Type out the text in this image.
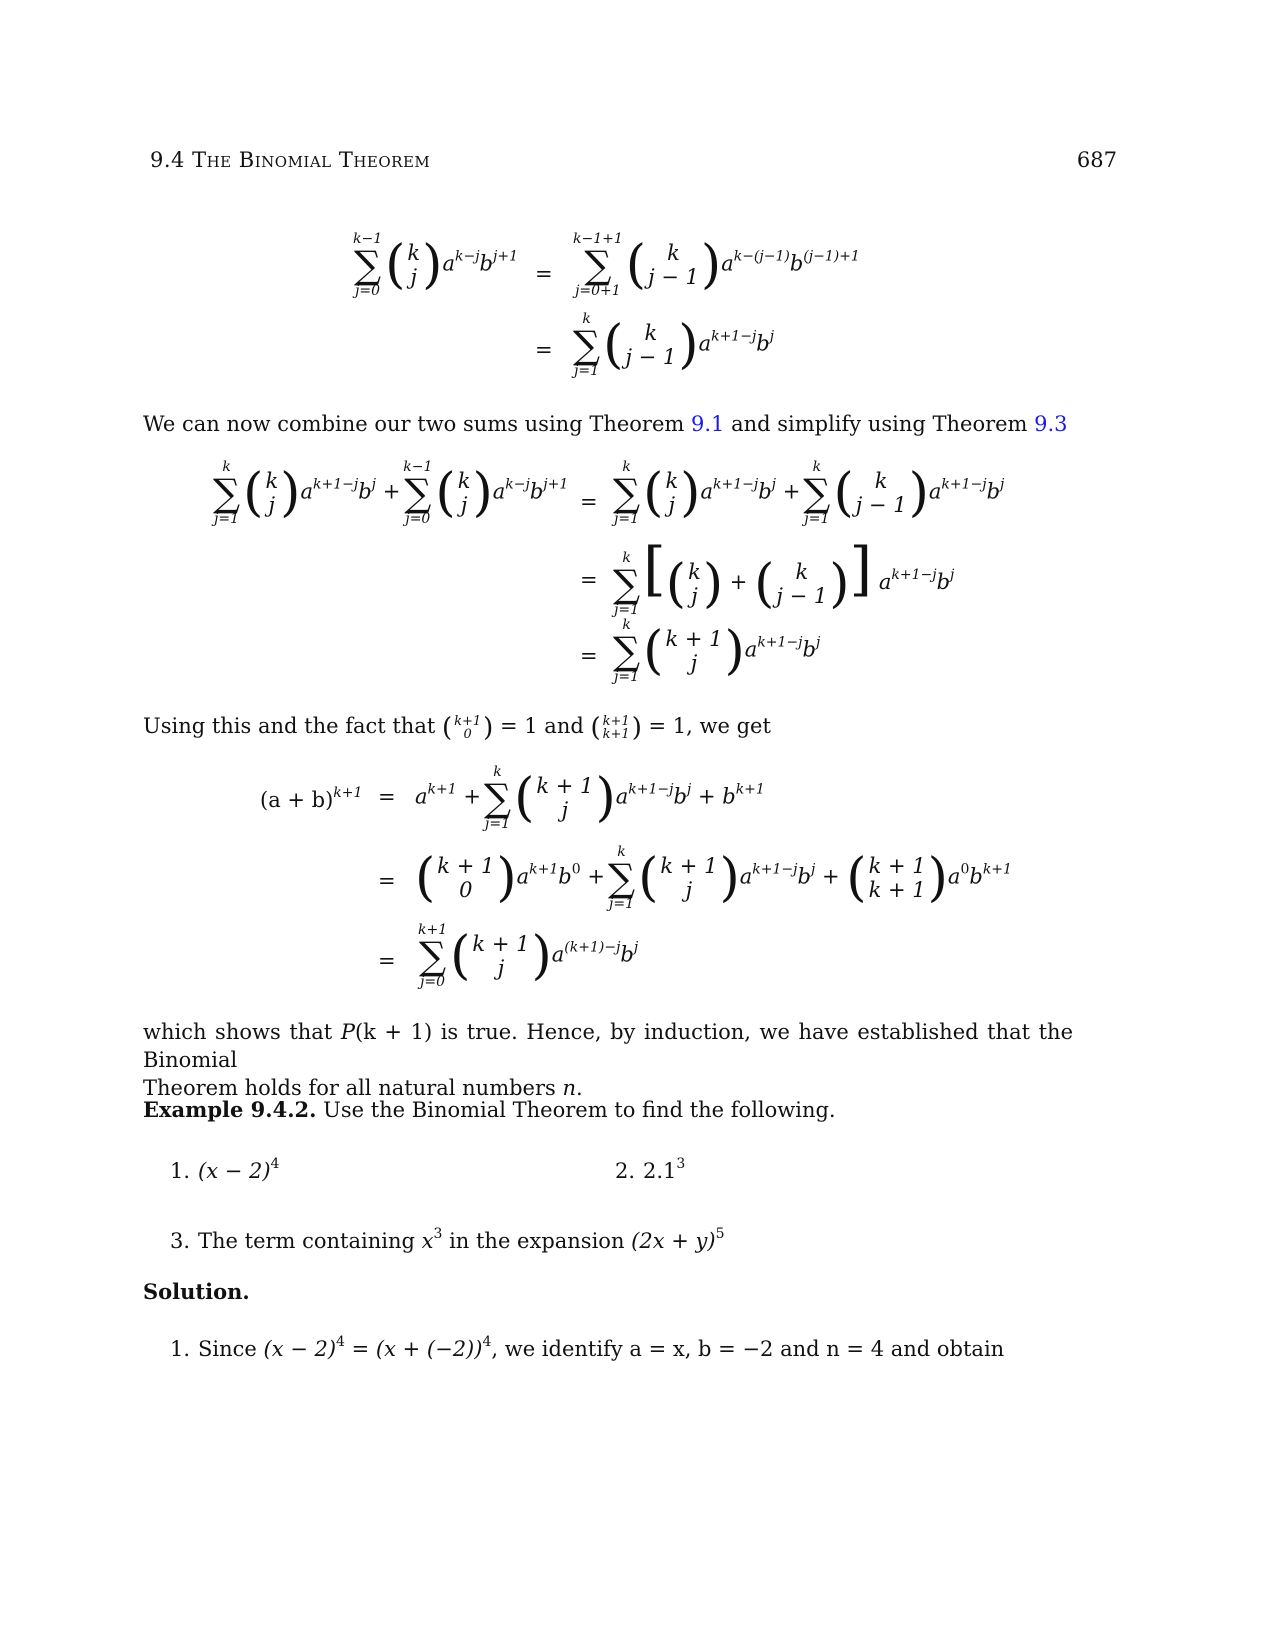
9.4 The Binomial Theorem	687
k−1
∑
j=0 ( k
j ) $a^{k-j}b^{j+1}$
=
k−1+1
∑
j=0+1 ( k
j − 1 ) $a^{k-(j-1)}b^{(j-1)+1}$
=
k
∑
j=1 ( k
j − 1 ) $a^{k+1-j}b^j$
We can now combine our two sums using Theorem 9.1 and simplify using Theorem 9.3
k
∑
j=1 ( k
j ) $a^{k+1-j}b^j$ +
k−1
∑
j=0 ( k
j ) $a^{k-j}b^{j+1}$
=
k
∑
j=1 ( k
j ) $a^{k+1-j}b^j$ +
k
∑
j=1 ( k
j − 1 ) $a^{k+1-j}b^j$
=
k
∑
j=1
[ ( k
j ) + ( k
j − 1 ) ] $a^{k+1-j}b^j$
=
k
∑
j=1 ( k + 1
j ) $a^{k+1-j}b^j$
Using this and the fact that ( k+1
0 ) = 1 and ( k+1
k+1 ) = 1, we get
$(a + b)^{k+1} = a^{k+1}$ +
k
∑
j=1 ( k + 1
j ) $a^{k+1-j}b^j + b^{k+1}$
= ( k + 1
0 ) $a^{k+1}b^0$ +
k
∑
j=1 ( k + 1
j ) $a^{k+1-j}b^j$ + ( k + 1
k + 1 ) $a^0b^{k+1}$
=
k+1
∑
j=0 ( k + 1
j ) $a^{(k+1)-j}b^j$
which shows that P(k + 1) is true. Hence, by induction, we have established that the Binomial
Theorem holds for all natural numbers n.
Example 9.4.2. Use the Binomial Theorem to find the following.
1. $(x - 2)^4$	2. $2.1^3$
3. The term containing $x^3$ in the expansion $(2x + y)^5$
Solution.
1. Since $(x - 2)^4 = (x + (-2))^4$, we identify a = x, b = −2 and n = 4 and obtain
